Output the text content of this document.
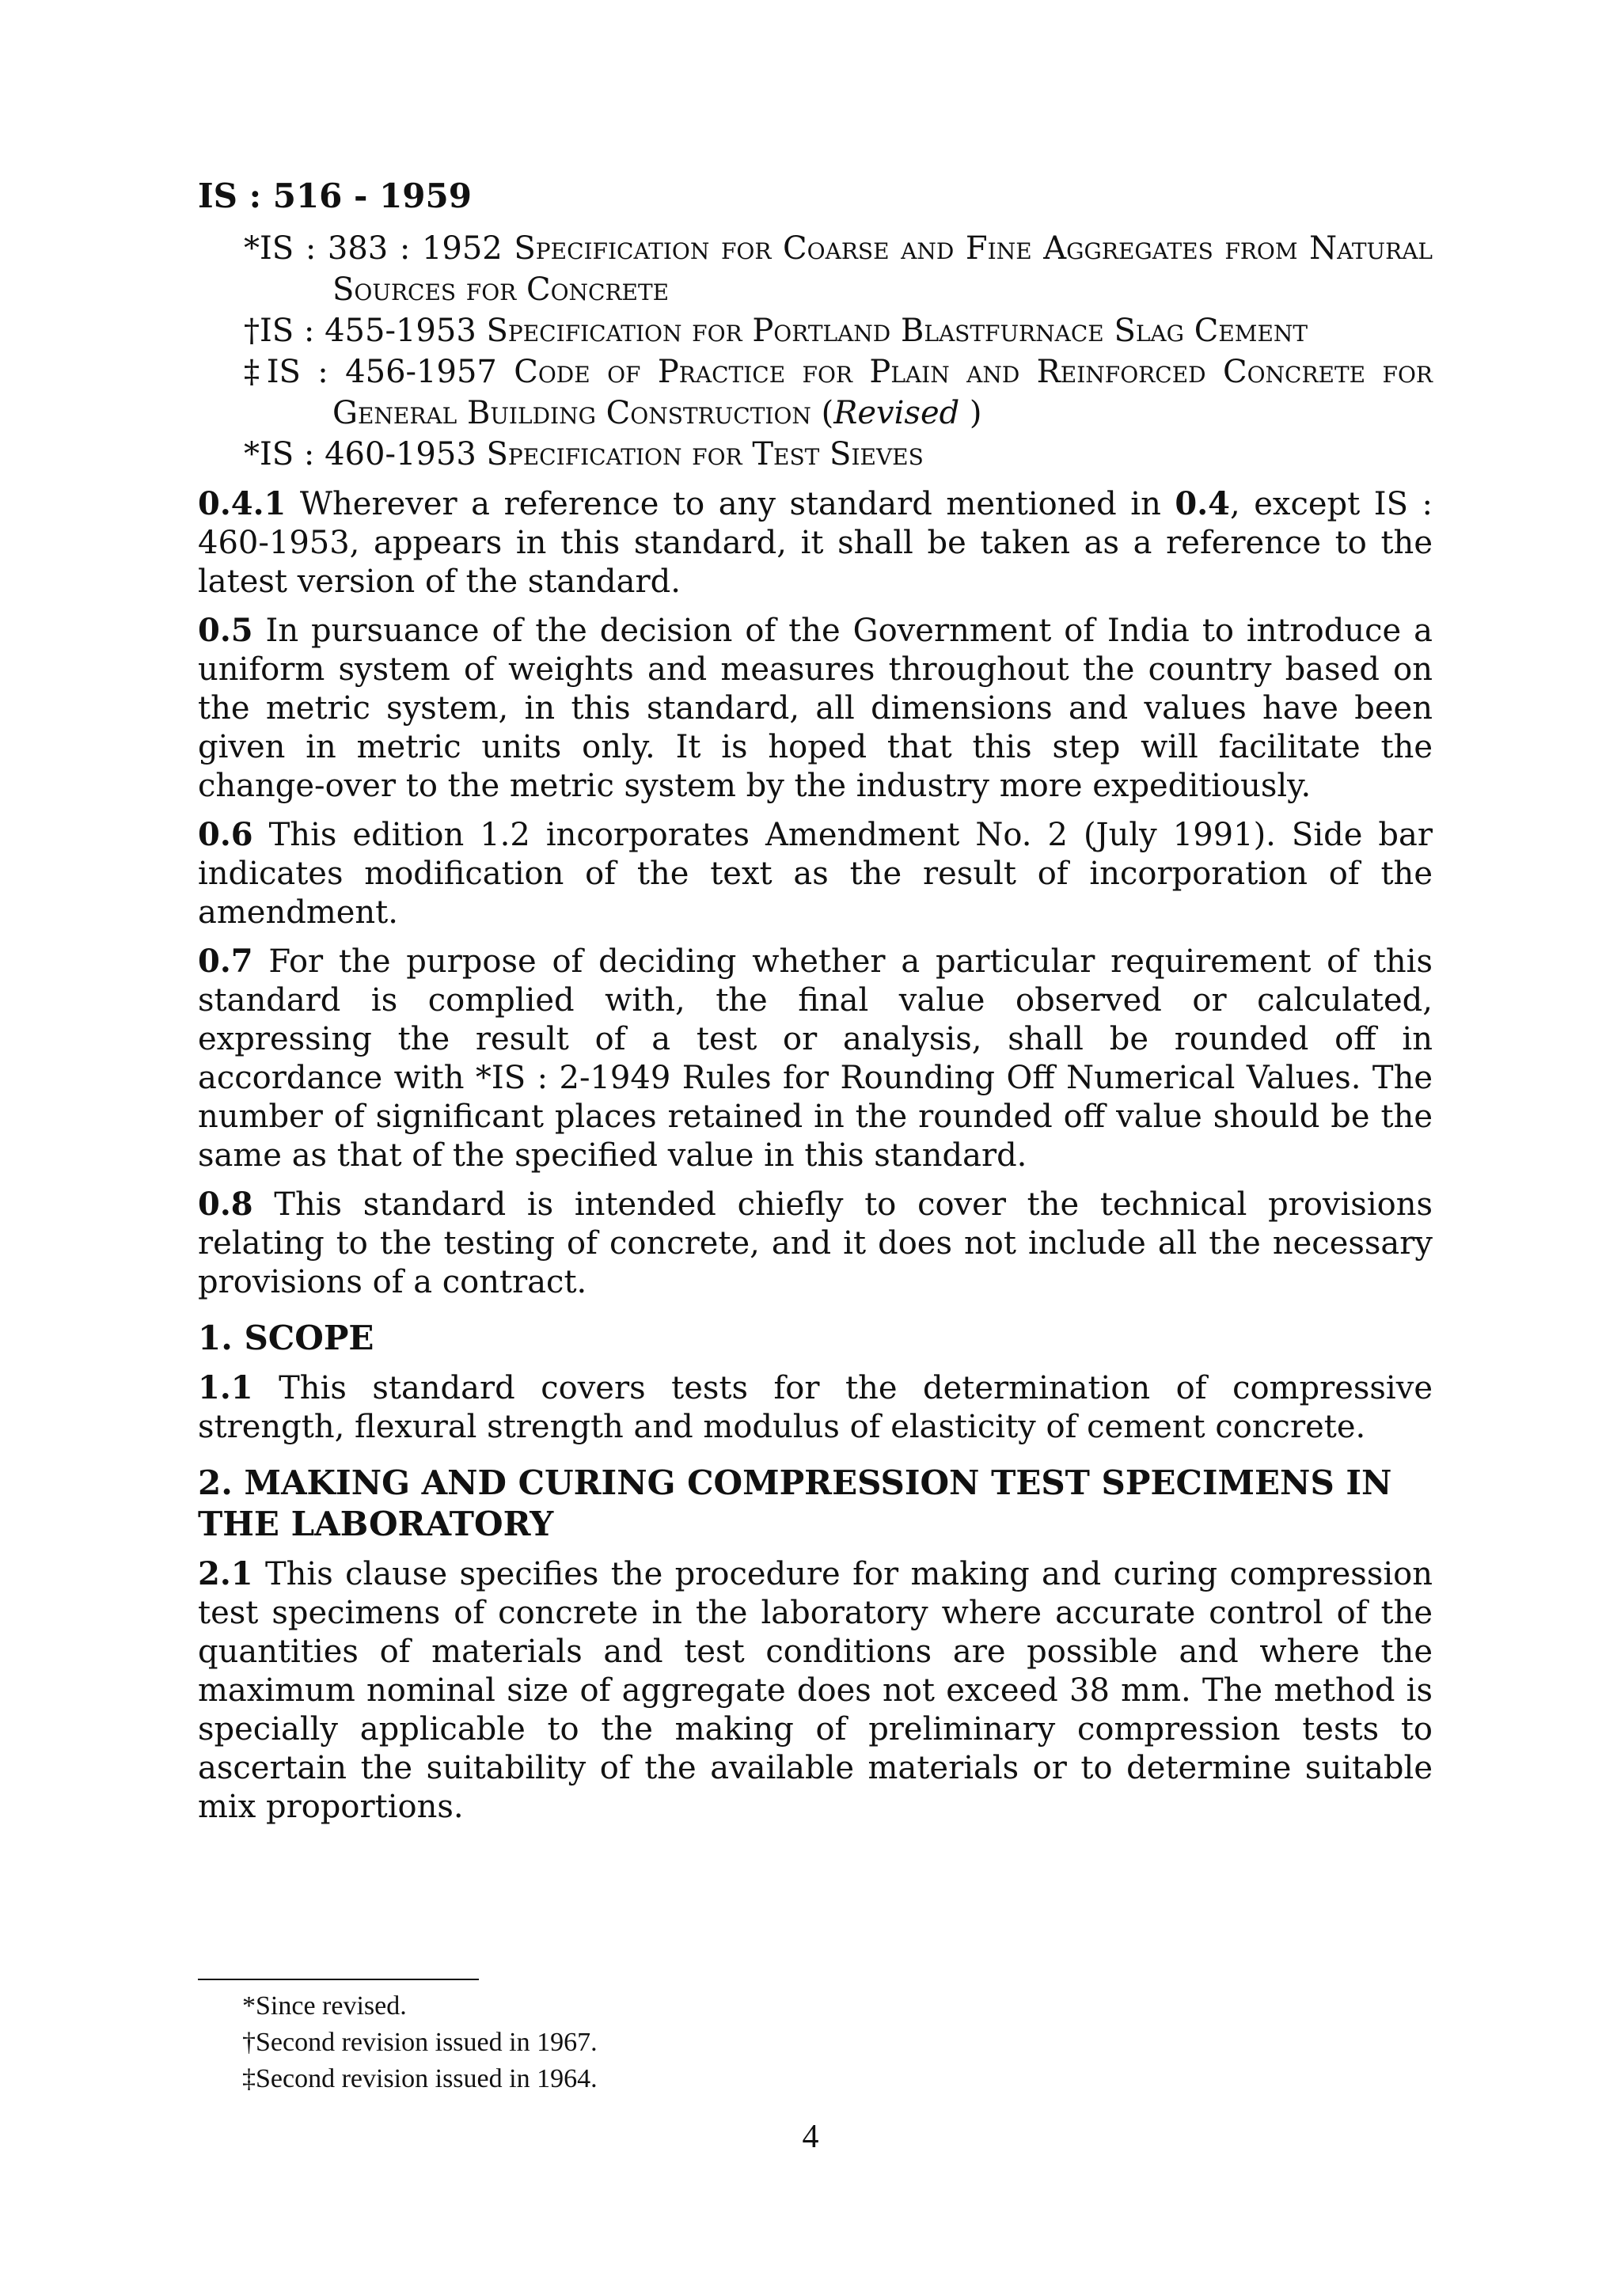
IS : 516 - 1959

*IS : 383 : 1952 Specification for Coarse and Fine Aggregates from Natural Sources for Concrete

†IS : 455-1953 Specification for Portland Blastfurnace Slag Cement

‡IS : 456-1957 Code of Practice for Plain and Reinforced Concrete for General Building Construction (Revised )

*IS : 460-1953 Specification for Test Sieves

0.4.1 Wherever a reference to any standard mentioned in 0.4, except IS : 460-1953, appears in this standard, it shall be taken as a reference to the latest version of the standard.

0.5 In pursuance of the decision of the Government of India to introduce a uniform system of weights and measures throughout the country based on the metric system, in this standard, all dimensions and values have been given in metric units only. It is hoped that this step will facilitate the change-over to the metric system by the industry more expeditiously.

0.6 This edition 1.2 incorporates Amendment No. 2 (July 1991). Side bar indicates modification of the text as the result of incorporation of the amendment.

0.7 For the purpose of deciding whether a particular requirement of this standard is complied with, the final value observed or calculated, expressing the result of a test or analysis, shall be rounded off in accordance with *IS : 2-1949 Rules for Rounding Off Numerical Values. The number of significant places retained in the rounded off value should be the same as that of the specified value in this standard.

0.8 This standard is intended chiefly to cover the technical provisions relating to the testing of concrete, and it does not include all the necessary provisions of a contract.

1. SCOPE

1.1 This standard covers tests for the determination of compressive strength, flexural strength and modulus of elasticity of cement concrete.

2. MAKING AND CURING COMPRESSION TEST SPECIMENS IN THE LABORATORY

2.1 This clause specifies the procedure for making and curing compression test specimens of concrete in the laboratory where accurate control of the quantities of materials and test conditions are possible and where the maximum nominal size of aggregate does not exceed 38 mm. The method is specially applicable to the making of preliminary compression tests to ascertain the suitability of the available materials or to determine suitable mix proportions.

*Since revised.
†Second revision issued in 1967.
‡Second revision issued in 1964.
4
